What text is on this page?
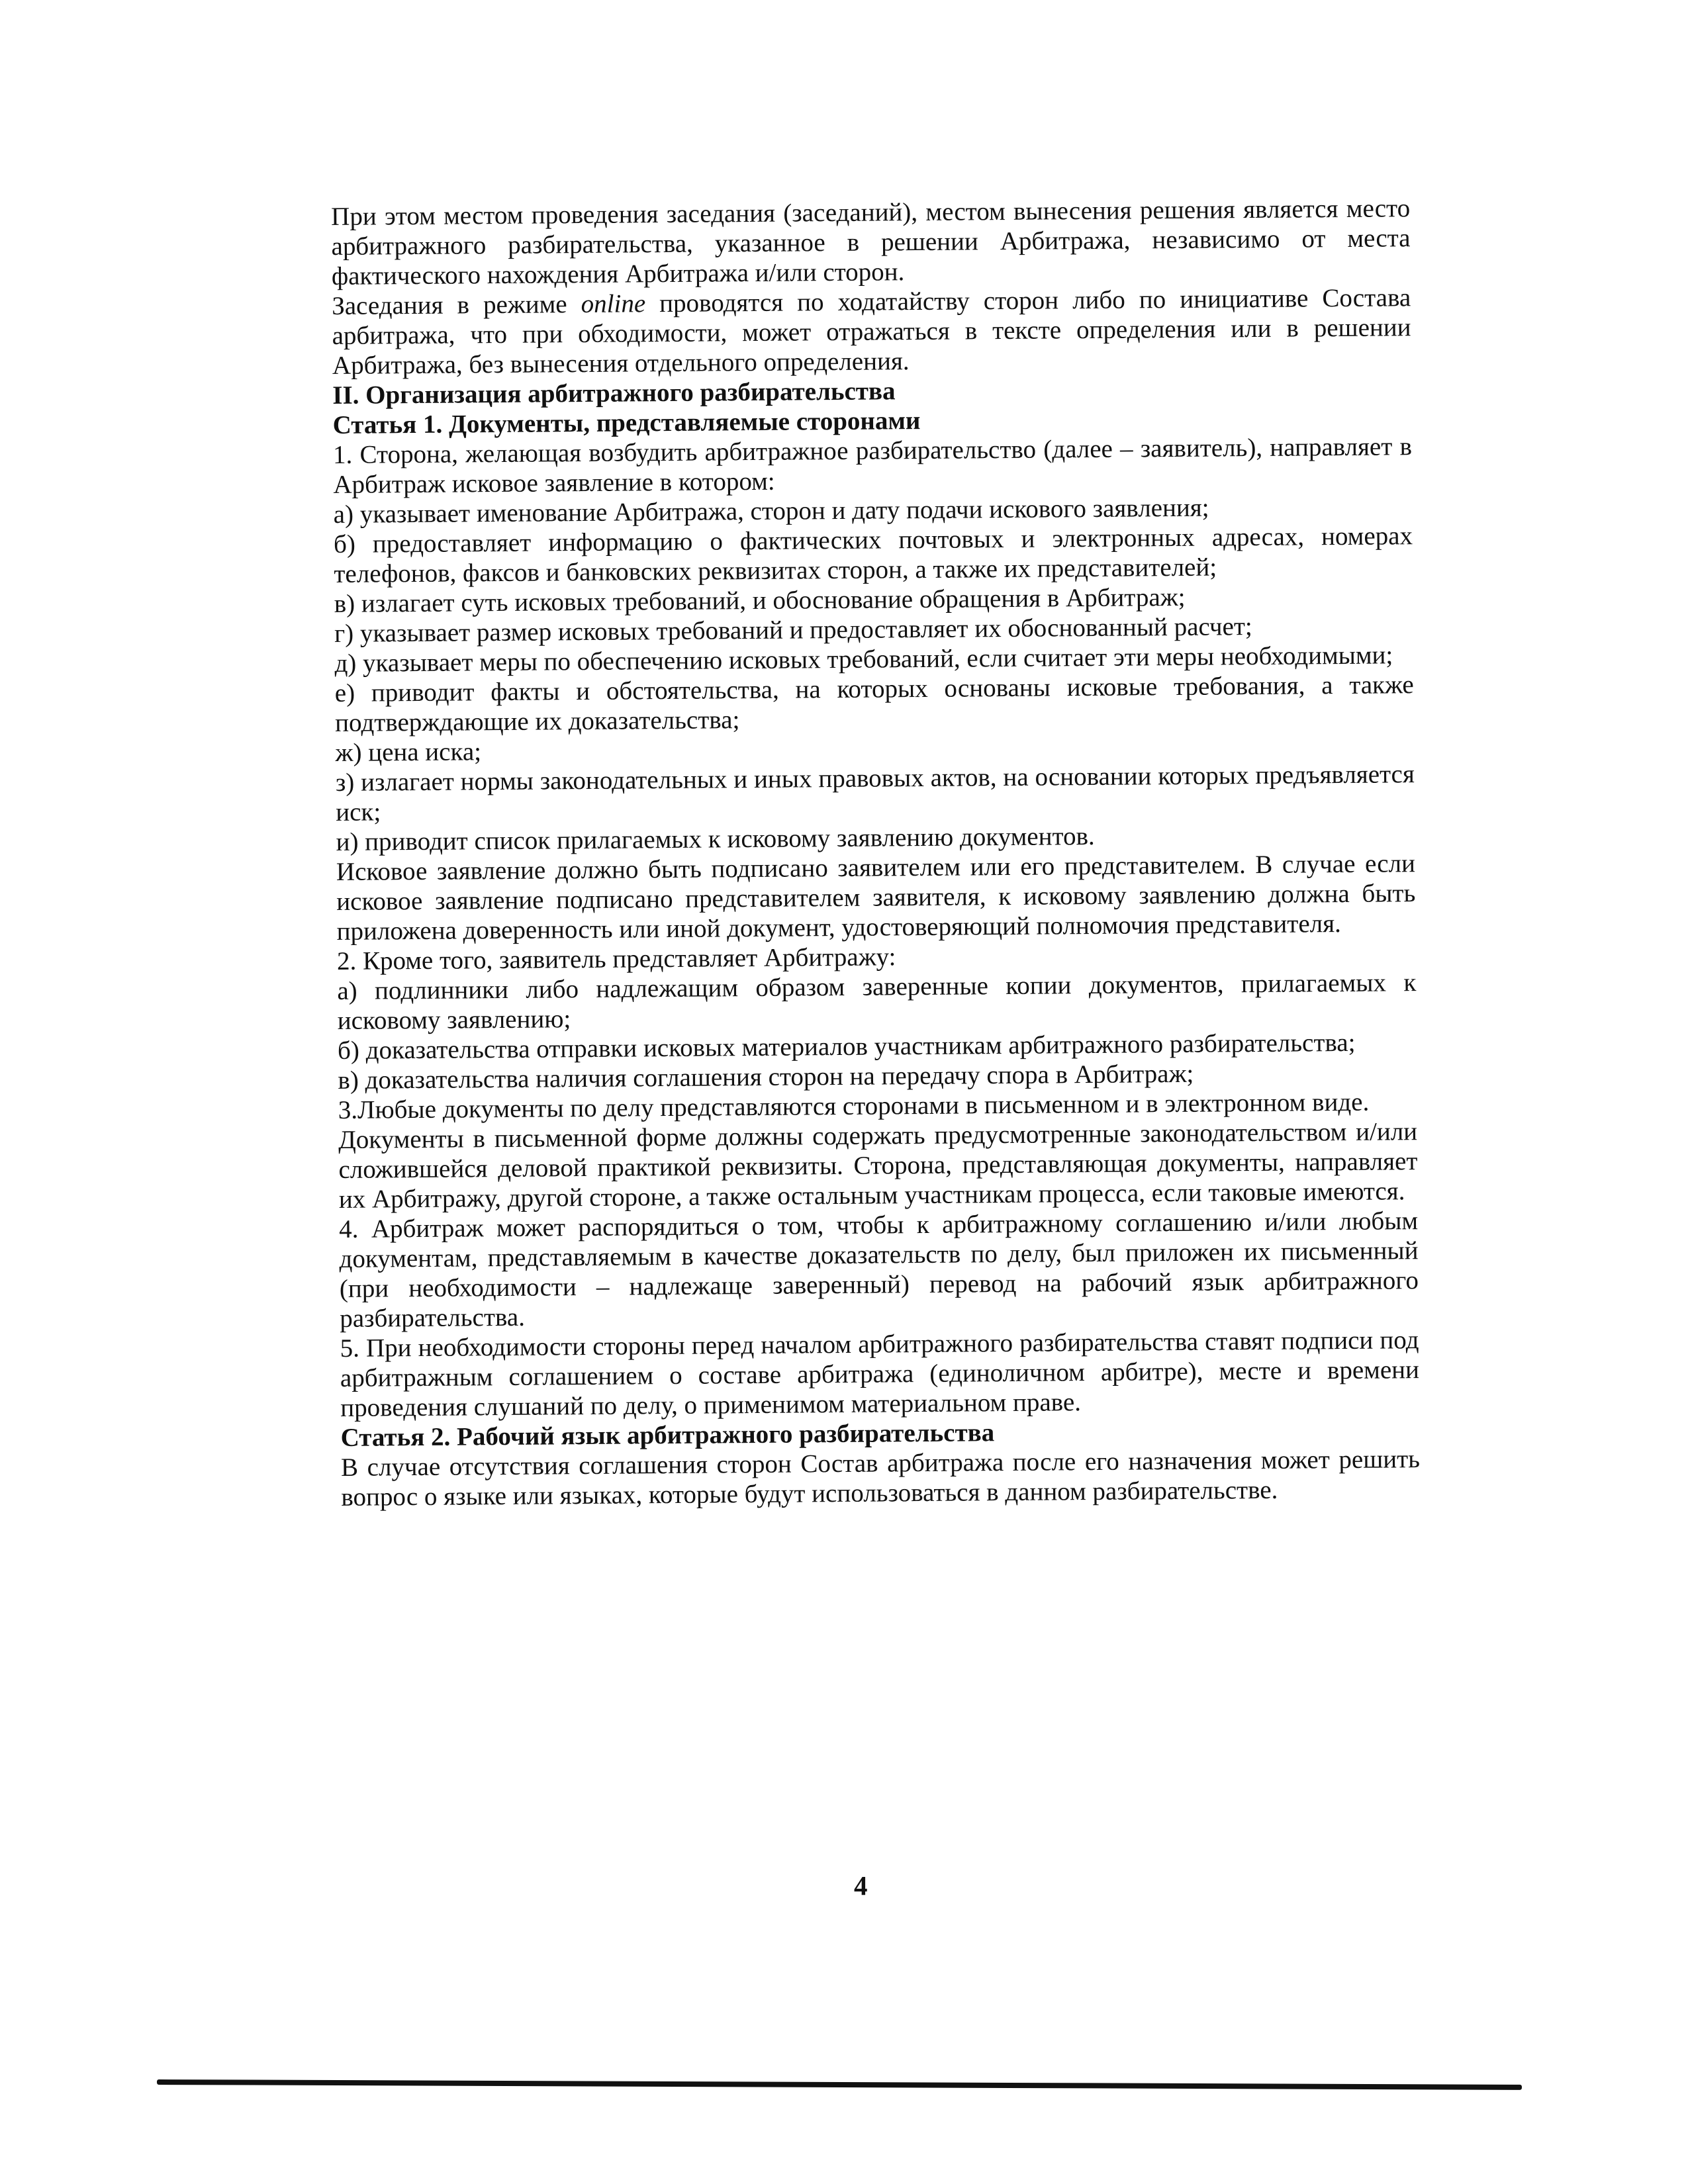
При этом местом проведения заседания (заседаний), местом вынесения решения является место арбитражного разбирательства, указанное в решении Арбитража, независимо от места фактического нахождения Арбитража и/или сторон.

Заседания в режиме online проводятся по ходатайству сторон либо по инициативе Состава арбитража, что при обходимости, может отражаться в тексте определения или в решении Арбитража, без вынесения отдельного определения.

II. Организация арбитражного разбирательства

Статья 1. Документы, представляемые сторонами

1. Сторона, желающая возбудить арбитражное разбирательство (далее – заявитель), направляет в Арбитраж исковое заявление в котором:

а) указывает именование Арбитража, сторон и дату подачи искового заявления;

б) предоставляет информацию о фактических почтовых и электронных адресах, номерах телефонов, факсов и банковских реквизитах сторон, а также их представителей;

в) излагает суть исковых требований, и обоснование обращения в Арбитраж;

г) указывает размер исковых требований и предоставляет их обоснованный расчет;

д) указывает меры по обеспечению исковых требований, если считает эти меры необходимыми;

е) приводит факты и обстоятельства, на которых основаны исковые требования, а также подтверждающие их доказательства;

ж) цена иска;

з) излагает нормы законодательных и иных правовых актов, на основании которых предъявляется иск;

и) приводит список прилагаемых к исковому заявлению документов.

Исковое заявление должно быть подписано заявителем или его представителем. В случае если исковое заявление подписано представителем заявителя, к исковому заявлению должна быть приложена доверенность или иной документ, удостоверяющий полномочия представителя.

2. Кроме того, заявитель представляет Арбитражу:

а) подлинники либо надлежащим образом заверенные копии документов, прилагаемых к исковому заявлению;

б) доказательства отправки исковых материалов участникам арбитражного разбирательства;

в) доказательства наличия соглашения сторон на передачу спора в Арбитраж;

3.Любые документы по делу представляются сторонами в письменном и в электронном виде.

Документы в письменной форме должны содержать предусмотренные законодательством и/или сложившейся деловой практикой реквизиты. Сторона, представляющая документы, направляет их Арбитражу, другой стороне, а также остальным участникам процесса, если таковые имеются.

4. Арбитраж может распорядиться о том, чтобы к арбитражному соглашению и/или любым документам, представляемым в качестве доказательств по делу, был приложен их письменный (при необходимости – надлежаще заверенный) перевод на рабочий язык арбитражного разбирательства.

5. При необходимости стороны перед началом арбитражного разбирательства ставят подписи под арбитражным соглашением о составе арбитража (единоличном арбитре), месте и времени проведения слушаний по делу, о применимом материальном праве.

Статья 2. Рабочий язык арбитражного разбирательства

В случае отсутствия соглашения сторон Состав арбитража после его назначения может решить вопрос о языке или языках, которые будут использоваться в данном разбирательстве.

4
